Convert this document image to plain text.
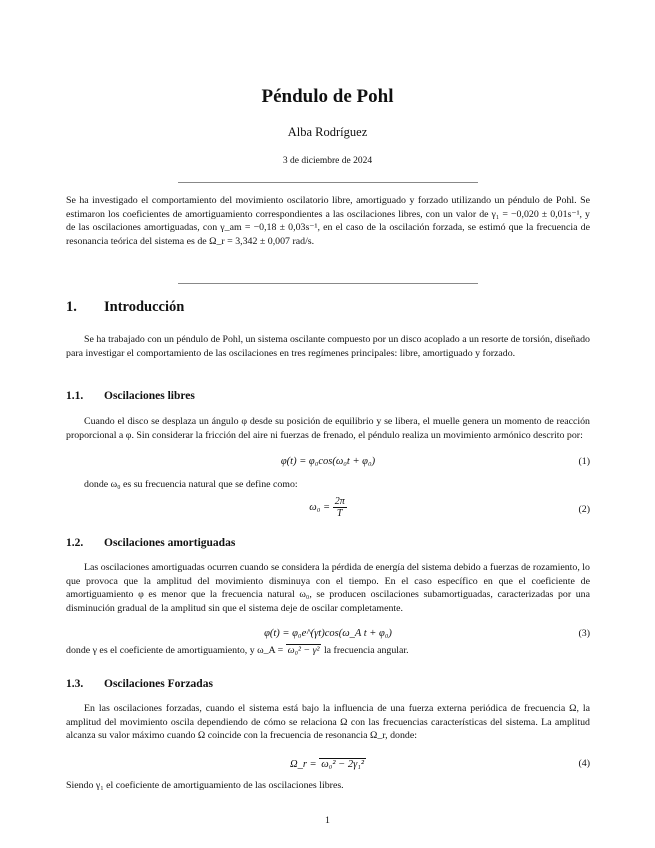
Péndulo de Pohl
Alba Rodríguez
3 de diciembre de 2024

Se ha investigado el comportamiento del movimiento oscilatorio libre, amortiguado y forzado utilizando un péndulo de Pohl. Se estimaron los coeficientes de amortiguamiento correspondientes a las oscilaciones libres, con un valor de γ₁ = −0,020 ± 0,01s⁻¹, y de las oscilaciones amortiguadas, con γ_am = −0,18 ± 0,03s⁻¹, en el caso de la oscilación forzada, se estimó que la frecuencia de resonancia teórica del sistema es de Ω_r = 3,342 ± 0,007 rad/s.

1. Introducción

Se ha trabajado con un péndulo de Pohl, un sistema oscilante compuesto por un disco acoplado a un resorte de torsión, diseñado para investigar el comportamiento de las oscilaciones en tres regímenes principales: libre, amortiguado y forzado.

1.1. Oscilaciones libres

Cuando el disco se desplaza un ángulo φ desde su posición de equilibrio y se libera, el muelle genera un momento de reacción proporcional a φ. Sin considerar la fricción del aire ni fuerzas de frenado, el péndulo realiza un movimiento armónico descrito por:

φ(t) = φ₀cos(ω₀t + φ₀)	(1)

donde ω₀ es su frecuencia natural que se define como:

$\omega_0 = \frac{2\pi}{T}$	(2)
1.2. Oscilaciones amortiguadas

Las oscilaciones amortiguadas ocurren cuando se considera la pérdida de energía del sistema debido a fuerzas de rozamiento, lo que provoca que la amplitud del movimiento disminuya con el tiempo. En el caso específico en que el coeficiente de amortiguamiento φ es menor que la frecuencia natural ω₀, se producen oscilaciones subamortiguadas, caracterizadas por una disminución gradual de la amplitud sin que el sistema deje de oscilar completamente.

φ(t) = φ₀e^(γt)cos(ω_A t + φ₀)	(3)

donde γ es el coeficiente de amortiguamiento, y ω_A = ω₀² − γ² la frecuencia angular.

1.3. Oscilaciones Forzadas

En las oscilaciones forzadas, cuando el sistema está bajo la influencia de una fuerza externa periódica de frecuencia Ω, la amplitud del movimiento oscila dependiendo de cómo se relaciona Ω con las frecuencias características del sistema. La amplitud alcanza su valor máximo cuando Ω coincide con la frecuencia de resonancia Ω_r, donde:

Ω_r = ω₀² − 2γ₁²	(4)

Siendo γ₁ el coeficiente de amortiguamiento de las oscilaciones libres.

1
